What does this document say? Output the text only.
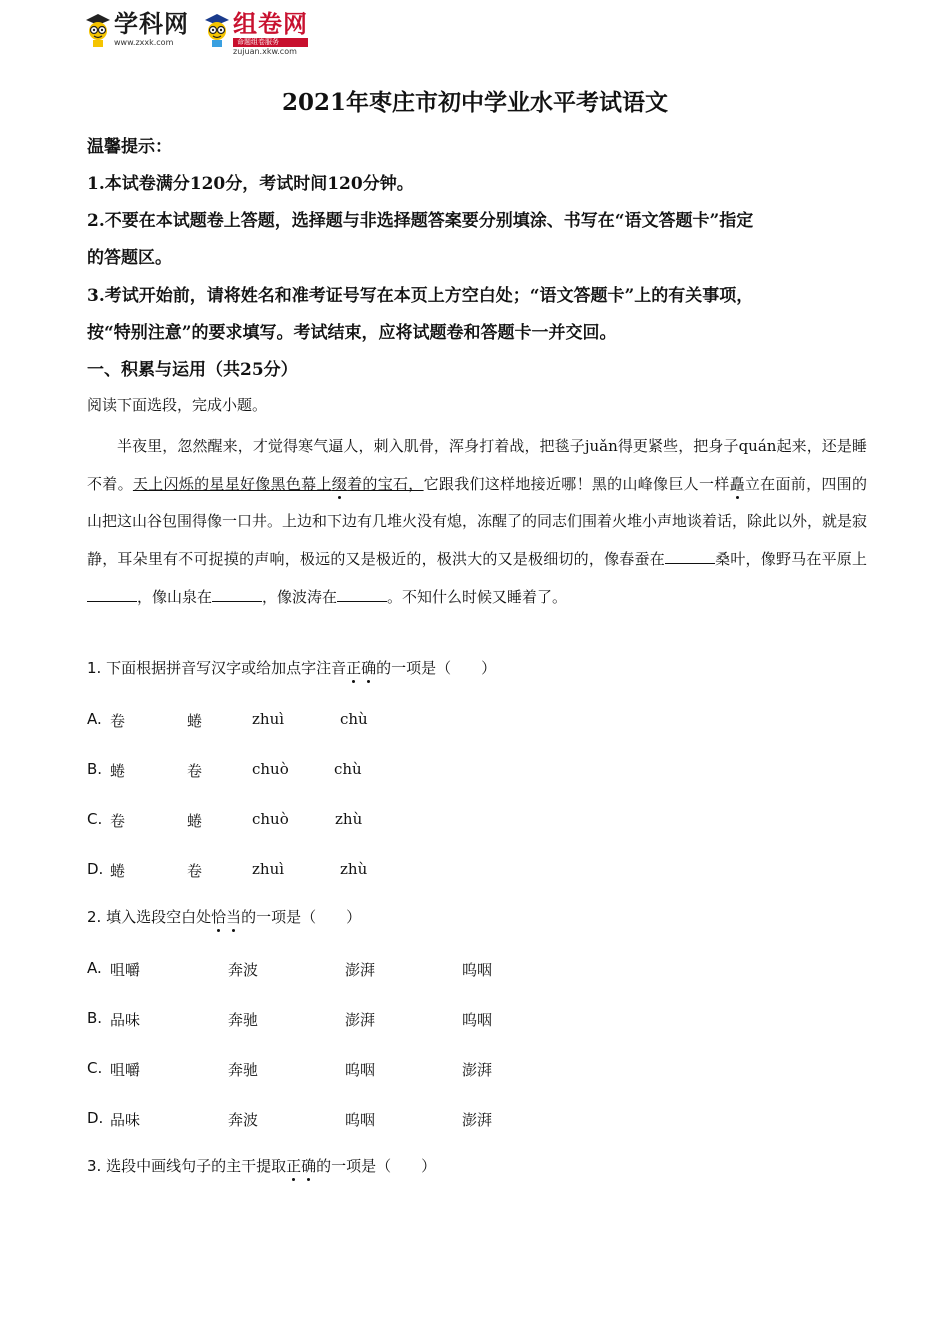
学科网
www.zxxk.com
组卷网
命题组卷服务
zujuan.xkw.com
2021年枣庄市初中学业水平考试语文
温馨提示：
1.本试卷满分120分，考试时间120分钟。
2.不要在本试题卷上答题，选择题与非选择题答案要分别填涂、书写在“语文答题卡”指定
的答题区。
3.考试开始前，请将姓名和准考证号写在本页上方空白处；“语文答题卡”上的有关事项，
按“特别注意”的要求填写。考试结束，应将试题卷和答题卡一并交回。
一、积累与运用（共25分）
阅读下面选段，完成小题。
半夜里，忽然醒来，才觉得寒气逼人，刺入肌骨，浑身打着战，把毯子juǎn得更紧些，把身子quán起来，还是睡不着。天上闪烁的星星好像黑色幕上缀着的宝石，它跟我们这样地接近哪！黑的山峰像巨人一样矗立在面前，四围的山把这山谷包围得像一口井。上边和下边有几堆火没有熄，冻醒了的同志们围着火堆小声地谈着话，除此以外，就是寂静，耳朵里有不可捉摸的声响，极远的又是极近的，极洪大的又是极细切的，像春蚕在	桑叶，像野马在平原上，像山泉在	，像波涛在	。不知什么时候又睡着了。
1. 下面根据拼音写汉字或给加点字注音正确的一项是（　　）
A. 卷	蜷	zhuì	chù
B. 蜷	卷	chuò	chù
C. 卷	蜷	chuò	zhù
D. 蜷	卷	zhuì	zhù
2. 填入选段空白处恰当的一项是（　　）
A. 咀嚼	奔波	澎湃	呜咽
B. 品味	奔驰	澎湃	呜咽
C. 咀嚼	奔驰	呜咽	澎湃
D. 品味	奔波	呜咽	澎湃
3. 选段中画线句子的主干提取正确的一项是（　　）
